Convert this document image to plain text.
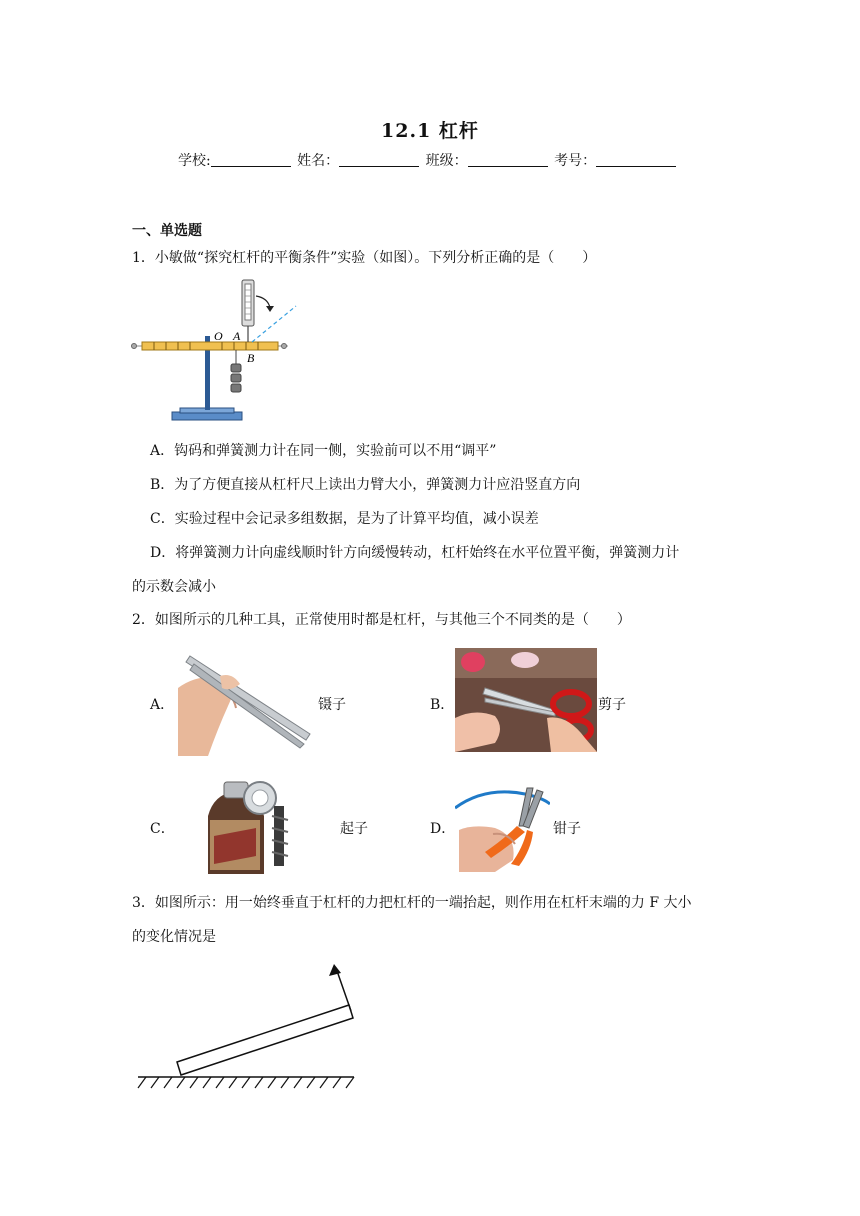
12.1 杠杆
学校:	姓名：	班级：	考号：
一、单选题
1．小敏做“探究杠杆的平衡条件”实验（如图）。下列分析正确的是（　　）
O A
B
A．钩码和弹簧测力计在同一侧，实验前可以不用“调平”
B．为了方便直接从杠杆尺上读出力臂大小，弹簧测力计应沿竖直方向
C．实验过程中会记录多组数据，是为了计算平均值，减小误差
D．将弹簧测力计向虚线顺时针方向缓慢转动，杠杆始终在水平位置平衡，弹簧测力计
的示数会减小
2．如图所示的几种工具，正常使用时都是杠杆，与其他三个不同类的是（　　）
A．	镊子	B．	剪子
C．	起子	D．	钳子
3．如图所示：用一始终垂直于杠杆的力把杠杆的一端抬起，则作用在杠杆末端的力 F 大小
的变化情况是
